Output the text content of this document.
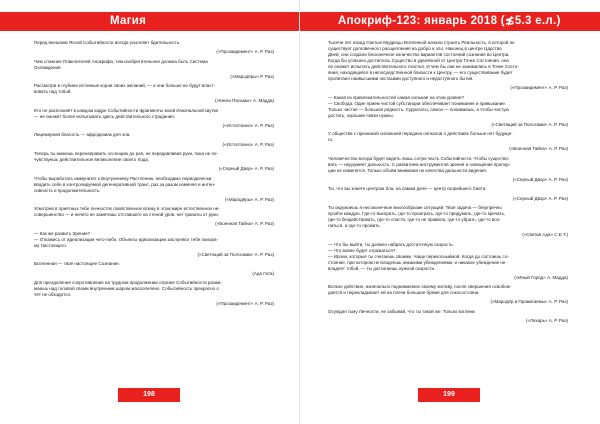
Магия
Перед внешним Ясной Событийности всегда усыпляет бдительность.
(«Прозаидемент» А. Р. Раэ)
Чем сложнее Повелителей Апокрифа, тем изобретательнее должна быть Система
Охлаждения.
(«Мародёры» Р. Раэ)
Рассмотри в глубине истинные корни своих желаний, — и они больше не будут власт-
вовать над тобой.
(«Книги Пальмы» А. Мадда)
Кто не распознаёт в каждом кадре Событийности фрагменты моей Изначальной Шутки
— не сможет более испытывать здесь действительного страдания.
(«Истоптанно» А. Р. Раэ)
Лицемерная благость — афродизиак для зла.
(«Истоптанно» А. Р. Раэ)
Теперь ты можешь перенаправить эссенцию до рая, не передавливая руки, пока не по-
чувствуешь действительное великолепие своего Хода.
(«Серный Двор» А. Р. Раэ)
Чтобы выработать иммунитет к Внутреннему Растлению, необходимо периодически
вводить себе в контролируемой дегенеративной транс, раз за разом изменяя и интен-
сивность и продолжительность.
(«Мародёры» А. Р. Раэ)
Усмотрев в приятных тебе личностях свойственное всему в этом мире естественное не-
совершенство — и ничего не заметишь отставшего на стеной уров, нет гранаты от руки.
(«Военная Тайна» А. Р. Раэ)
— Как же развить Зрение?
— Откажись от идеализации чего-либо. Объекты идеализации заслоняют тебе панора-
му Настоящего.
(«Светящий за Полосами» А. Р. Раэ)
Вселенная — твоё настоящее Сознание.
(Ада Гита)
Для преодоления сопротивления на трудном продолжении отрезке Событийности разжи-
маешь над головой своим внутренним шаром жалоопелено. Событийность прекрасно о
чёт не обходится.
(«Прозаидемент» А. Р. Раэ)
198
Апокриф-123: январь 2018 (≴5.3 е.л.)
Тысячи лет назад Светые Мудрецы Вселенной начали строить Реальность, в которой не
существует долговечного расщепления на добро и зло. Наконец в центре Царства
Дней, они создали бесконечное количество вариантов состояний сознания во Центра.
Когда бы успешно достиглось Существо в удалённой от Центра Точке Состояния, она
не сможет испытать действительного счастья. И чем бы они не занимались в Точке Состо-
яния, находящейся в непосредственной близости к Центру, — его существование будет
пропитано наивысшими экстазами доступного и недоступного бытия.
(«Прозаидемент» А. Р. Раэ)
— Какая из привлекательностей самая сильная на этом уровне?
— Свобода. Один прием чистой субстанции обеспечивает понимание и привыкание.
Только чистая — большая редкость. Суррогаты, смеси — понимаешь, а чтобы чистую
достать, хорошие связи нужны.
(«Светящий за Полосами» А. Р. Раэ)
У общества с признакой силаешей передачи сигналов о действиях больше нет будуще-
го.
(«Военная Тайна» А. Р. Раэ)
Человечество всегда будет видеть лишь сотую часть Событийности. Чтобы существо-
вать — недоумеет дальность. С развитием инструментов зрения и освещения пропор-
ции не изменятся. Только объём внимания не качества дальности видения.
(«Серный Двор» А. Р. Раэ)
Ты, что вы знаете центром Зла, на самом деле — центр скорейшего Света.
(«Серный Двор» А. Р. Раэ)
Ты окружаешь я несоконечное многообразие ситуаций. Твоя задача — безупречно
пройти каждую. Где-то выиграть, где-то проиграть, где-то придумать, где-то кричать,
где-то бездействовать, где-то спасти, где-то не прави́ла, где-то убрать, где-то воз-
литься, а где-то прожить.
(«Светая Ада» С.Е.Т.)
— Что бы выйти, ты должен набрать достаточную скорость.
— Что вовне будет отражаться?
— Ирони, которые ты считаешь своими. Чаще перекосные́мой. Когда до состоишь со-
стояние, при котором не владеешь никакими убеждениями, и никакое убеждение не
владеет тобой, — ты достигаешь нужной скорости.
(«Иный Город» А. Мадда)
Всякое действие, изначально поднимаемое своему мотиву, после свершения освобож-
дается и перекладывает ей на плечи большее бремя для сокосостояни.
(«Мародёр и Прожигаемы» А. Р. Раэ)
Осуждая тьму Личности, не забывай, что ты такой же. Только взгляни.
(«Лехарь» А. Р. Раэ)
199
